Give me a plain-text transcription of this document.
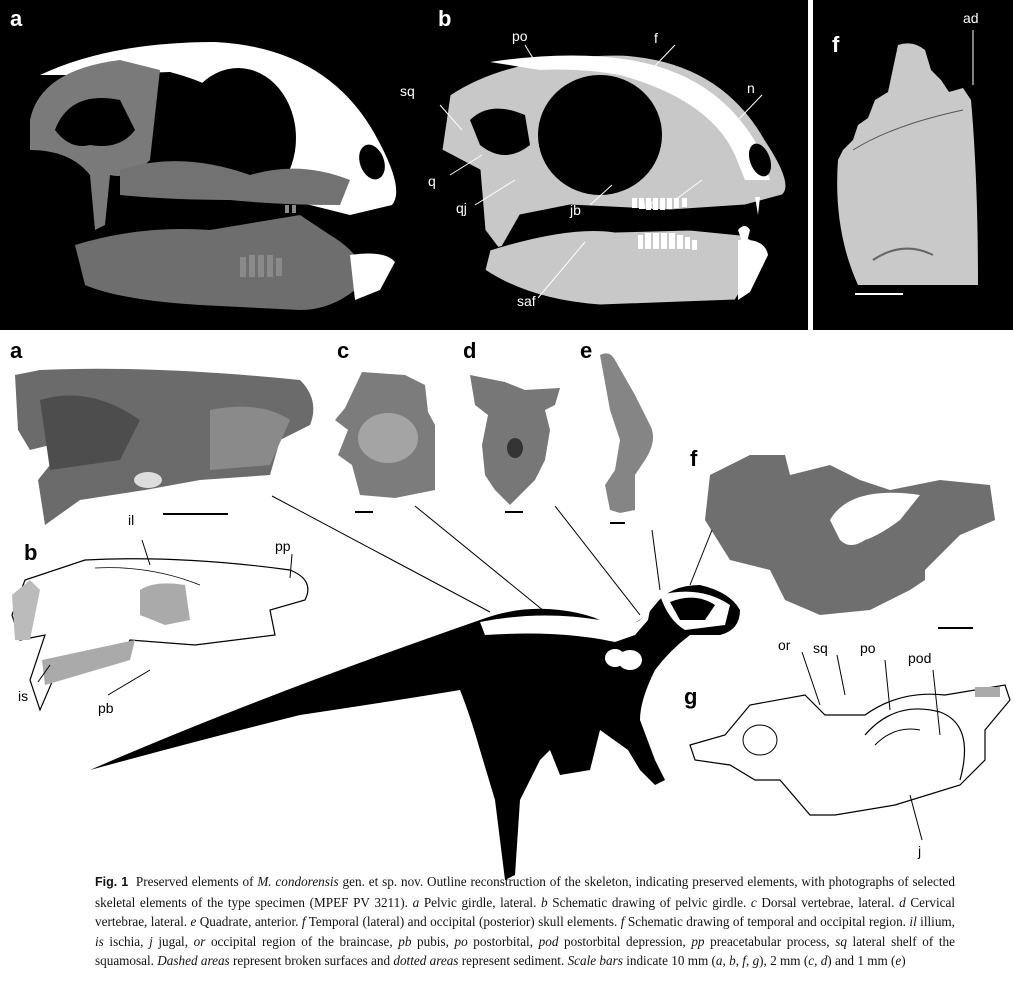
a	b
po	f
sq	n
q
qj	jb	afo
saf
f
ad
a
b
il
pp
is
pb
c	d	e
f
g
or sq po
pod
j
Fig. 1 Preserved elements of M. condorensis gen. et sp. nov. Outline reconstruction of the skeleton, indicating preserved elements, with photographs of selected skeletal elements of the type specimen (MPEF PV 3211). a Pelvic girdle, lateral. b Schematic drawing of pelvic girdle. c Dorsal vertebrae, lateral. d Cervical vertebrae, lateral. e Quadrate, anterior. f Temporal (lateral) and occipital (posterior) skull elements. f Schematic drawing of temporal and occipital region. il illium, is ischia, j jugal, or occipital region of the braincase, pb pubis, po postorbital, pod postorbital depression, pp preacetabular process, sq lateral shelf of the squamosal. Dashed areas represent broken surfaces and dotted areas represent sediment. Scale bars indicate 10 mm (a, b, f, g), 2 mm (c, d) and 1 mm (e)
